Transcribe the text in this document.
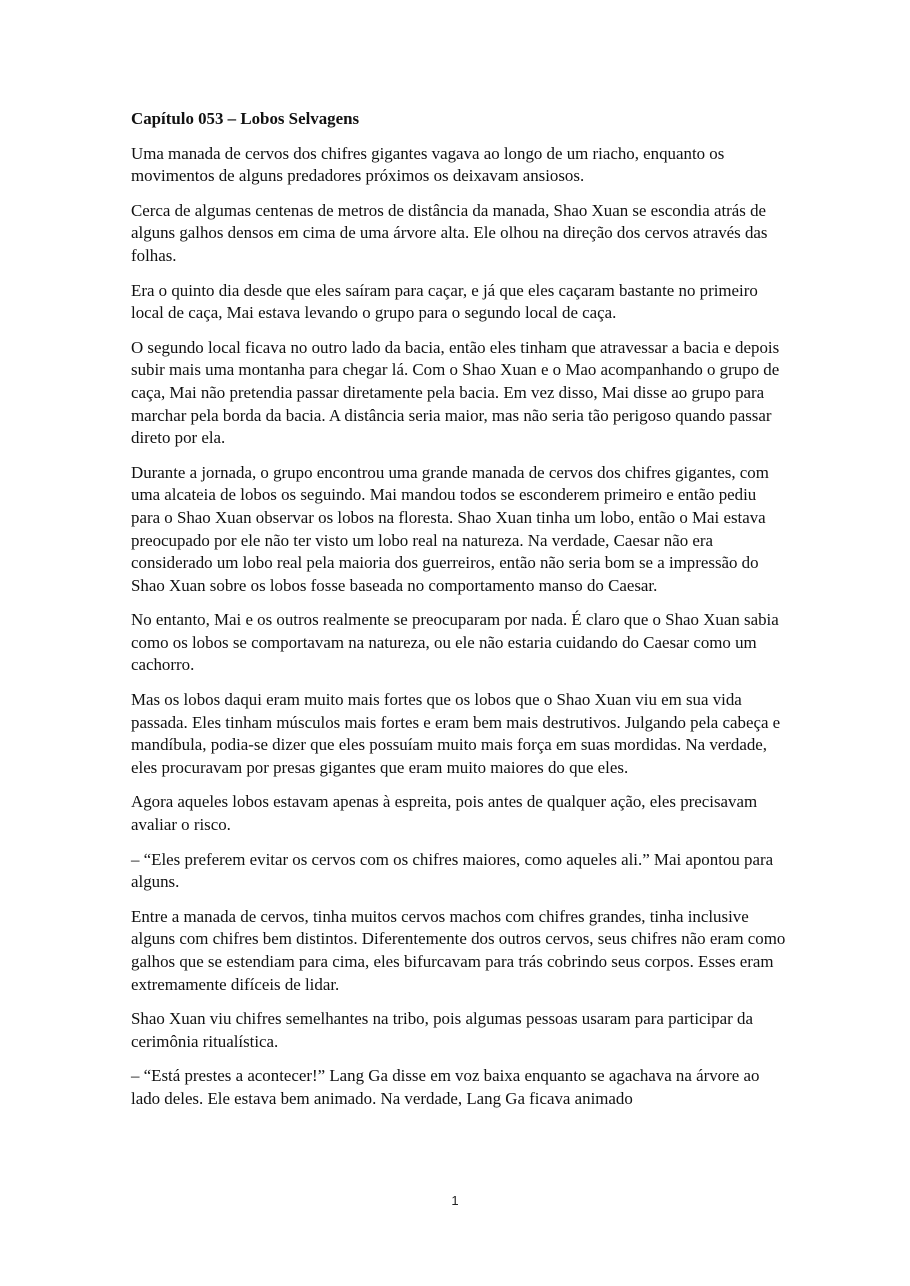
Capítulo 053 – Lobos Selvagens
Uma manada de cervos dos chifres gigantes vagava ao longo de um riacho, enquanto os movimentos de alguns predadores próximos os deixavam ansiosos.
Cerca de algumas centenas de metros de distância da manada, Shao Xuan se escondia atrás de alguns galhos densos em cima de uma árvore alta. Ele olhou na direção dos cervos através das folhas.
Era o quinto dia desde que eles saíram para caçar, e já que eles caçaram bastante no primeiro local de caça, Mai estava levando o grupo para o segundo local de caça.
O segundo local ficava no outro lado da bacia, então eles tinham que atravessar a bacia e depois subir mais uma montanha para chegar lá. Com o Shao Xuan e o Mao acompanhando o grupo de caça, Mai não pretendia passar diretamente pela bacia. Em vez disso, Mai disse ao grupo para marchar pela borda da bacia. A distância seria maior, mas não seria tão perigoso quando passar direto por ela.
Durante a jornada, o grupo encontrou uma grande manada de cervos dos chifres gigantes, com uma alcateia de lobos os seguindo. Mai mandou todos se esconderem primeiro e então pediu para o Shao Xuan observar os lobos na floresta. Shao Xuan tinha um lobo, então o Mai estava preocupado por ele não ter visto um lobo real na natureza. Na verdade, Caesar não era considerado um lobo real pela maioria dos guerreiros, então não seria bom se a impressão do Shao Xuan sobre os lobos fosse baseada no comportamento manso do Caesar.
No entanto, Mai e os outros realmente se preocuparam por nada. É claro que o Shao Xuan sabia como os lobos se comportavam na natureza, ou ele não estaria cuidando do Caesar como um cachorro.
Mas os lobos daqui eram muito mais fortes que os lobos que o Shao Xuan viu em sua vida passada. Eles tinham músculos mais fortes e eram bem mais destrutivos. Julgando pela cabeça e mandíbula, podia-se dizer que eles possuíam muito mais força em suas mordidas. Na verdade, eles procuravam por presas gigantes que eram muito maiores do que eles.
Agora aqueles lobos estavam apenas à espreita, pois antes de qualquer ação, eles precisavam avaliar o risco.
– “Eles preferem evitar os cervos com os chifres maiores, como aqueles ali.” Mai apontou para alguns.
Entre a manada de cervos, tinha muitos cervos machos com chifres grandes, tinha inclusive alguns com chifres bem distintos. Diferentemente dos outros cervos, seus chifres não eram como galhos que se estendiam para cima, eles bifurcavam para trás cobrindo seus corpos. Esses eram extremamente difíceis de lidar.
Shao Xuan viu chifres semelhantes na tribo, pois algumas pessoas usaram para participar da cerimônia ritualística.
– “Está prestes a acontecer!” Lang Ga disse em voz baixa enquanto se agachava na árvore ao lado deles. Ele estava bem animado. Na verdade, Lang Ga ficava animado
1
